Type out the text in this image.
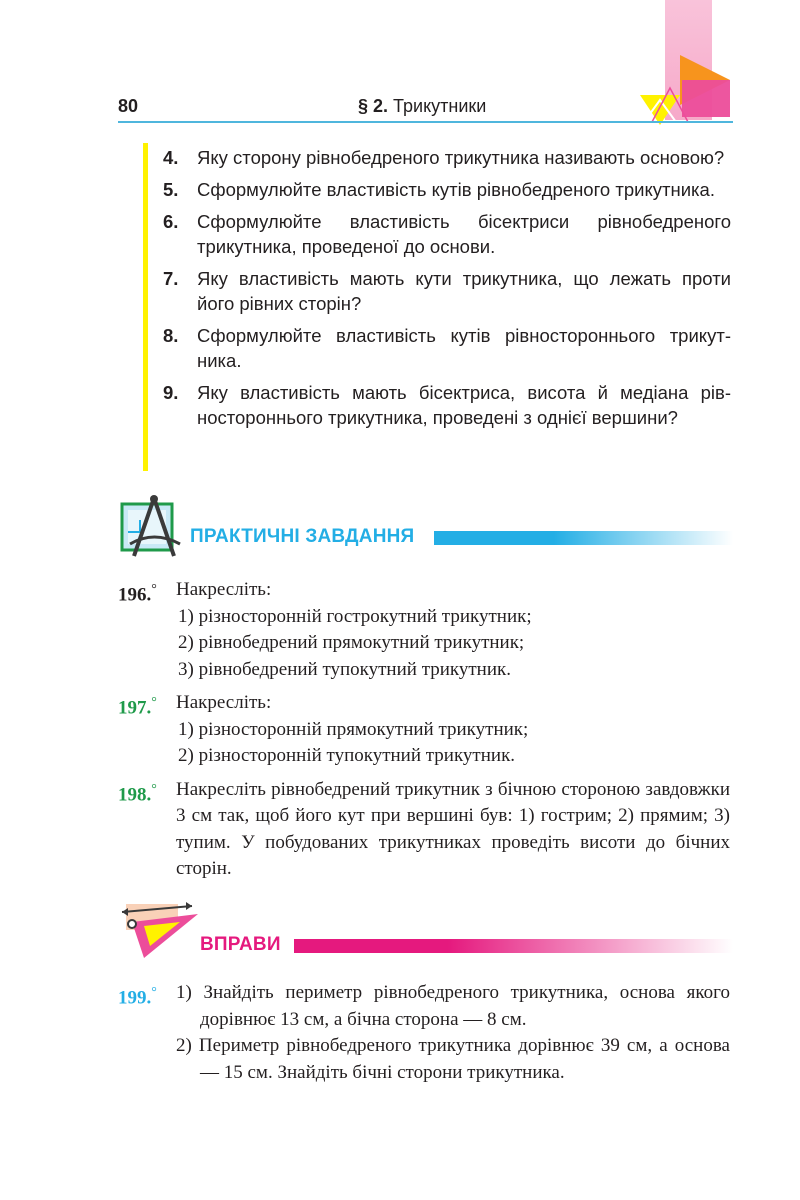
80	§ 2. Трикутники
4.	Яку сторону рівнобедреного трикутника називають основою?
5.	Сформулюйте властивість кутів рівнобедреного трикутника.
6.	Сформулюйте властивість бісектриси рівнобедреного трикутника, проведеної до основи.
7.	Яку властивість мають кути трикутника, що лежать проти його рівних сторін?
8.	Сформулюйте властивість кутів рівностороннього трикутника.
9.	Яку властивість мають бісектриса, висота й медіана рівностороннього трикутника, проведені з однієї вершини?
ПРАКТИЧНІ ЗАВДАННЯ
196.°	Накресліть:
1) різносторонній гострокутний трикутник;
2) рівнобедрений прямокутний трикутник;
3) рівнобедрений тупокутний трикутник.
197.°	Накресліть:
1) різносторонній прямокутний трикутник;
2) різносторонній тупокутний трикутник.
198.°	Накресліть рівнобедрений трикутник з бічною стороною завдовжки 3 см так, щоб його кут при вершині був: 1) гострим; 2) прямим; 3) тупим. У побудованих трикутниках проведіть висоти до бічних сторін.
ВПРАВИ
199.°	1) Знайдіть периметр рівнобедреного трикутника, основа якого дорівнює 13 см, а бічна сторона — 8 см.
2) Периметр рівнобедреного трикутника дорівнює 39 см, а основа — 15 см. Знайдіть бічні сторони трикутника.
